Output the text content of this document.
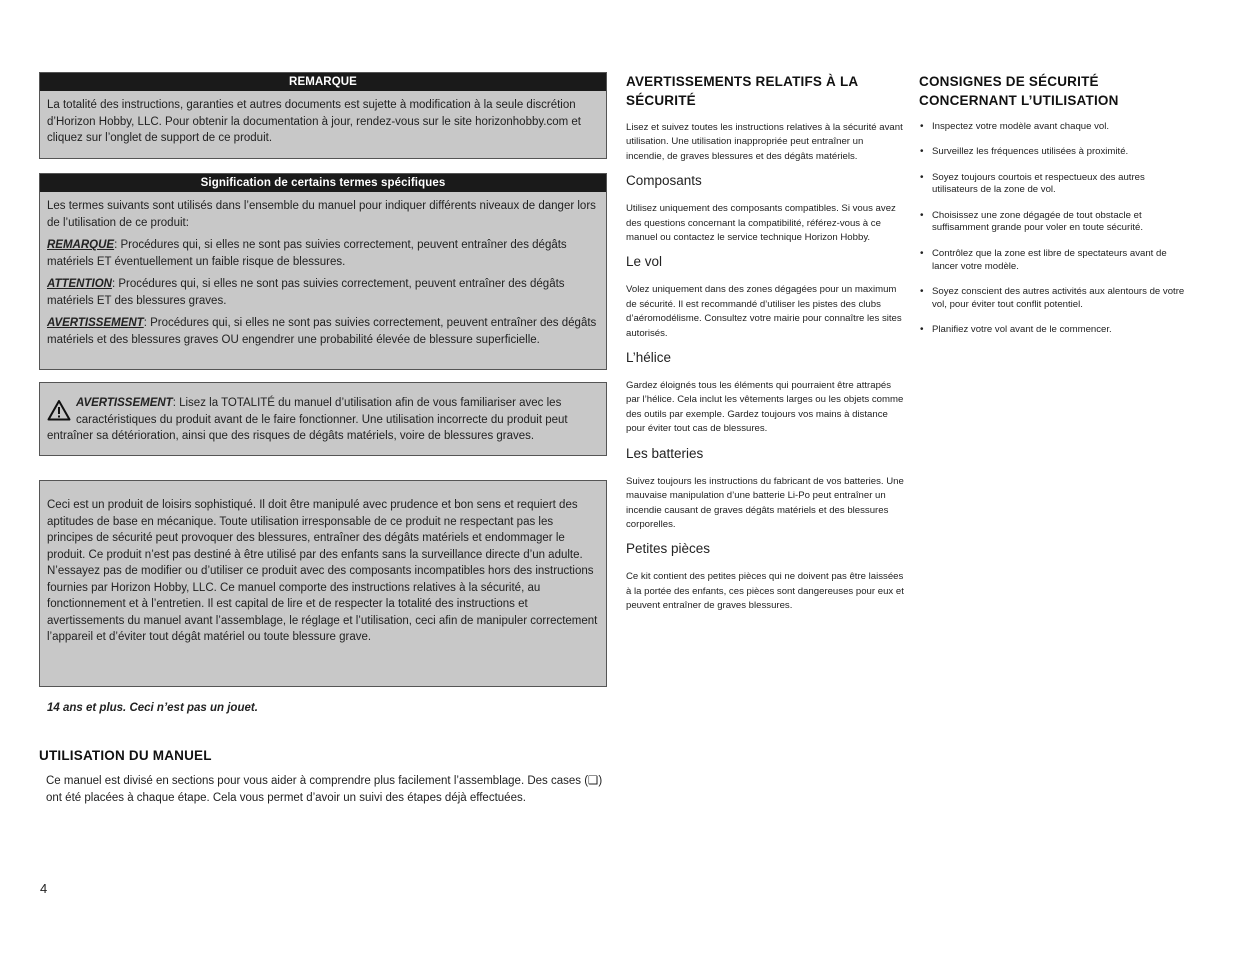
REMARQUE

La totalité des instructions, garanties et autres documents est sujette à modification à la seule discrétion d’Horizon Hobby, LLC. Pour obtenir la documentation à jour, rendez-vous sur le site horizonhobby.com et cliquez sur l’onglet de support de ce produit.

Signification de certains termes spécifiques

Les termes suivants sont utilisés dans l’ensemble du manuel pour indiquer différents niveaux de danger lors de l’utilisation de ce produit:

REMARQUE: Procédures qui, si elles ne sont pas suivies correctement, peuvent entraîner des dégâts matériels ET éventuellement un faible risque de blessures.

ATTENTION: Procédures qui, si elles ne sont pas suivies correctement, peuvent entraîner des dégâts matériels ET des blessures graves.

AVERTISSEMENT: Procédures qui, si elles ne sont pas suivies correctement, peuvent entraîner des dégâts matériels et des blessures graves OU engendrer une probabilité élevée de blessure superficielle.

AVERTISSEMENT: Lisez la TOTALITÉ du manuel d’utilisation afin de vous familiariser avec les caractéristiques du produit avant de le faire fonctionner. Une utilisation incorrecte du produit peut entraîner sa détérioration, ainsi que des risques de dégâts matériels, voire de blessures graves.

Ceci est un produit de loisirs sophistiqué. Il doit être manipulé avec prudence et bon sens et requiert des aptitudes de base en mécanique. Toute utilisation irresponsable de ce produit ne respectant pas les principes de sécurité peut provoquer des blessures, entraîner des dégâts matériels et endommager le produit. Ce produit n’est pas destiné à être utilisé par des enfants sans la surveillance directe d’un adulte. N’essayez pas de modifier ou d’utiliser ce produit avec des composants incompatibles hors des instructions fournies par Horizon Hobby, LLC. Ce manuel comporte des instructions relatives à la sécurité, au fonctionnement et à l’entretien. Il est capital de lire et de respecter la totalité des instructions et avertissements du manuel avant l’assemblage, le réglage et l’utilisation, ceci afin de manipuler correctement l’appareil et d’éviter tout dégât matériel ou toute blessure grave.

14 ans et plus. Ceci n’est pas un jouet.
UTILISATION DU MANUEL
Ce manuel est divisé en sections pour vous aider à comprendre plus facilement l’assemblage. Des cases (❑) ont été placées à chaque étape. Cela vous permet d’avoir un suivi des étapes déjà effectuées.
4
AVERTISSEMENTS RELATIFS À LA SÉCURITÉ

Lisez et suivez toutes les instructions relatives à la sécurité avant utilisation. Une utilisation inappropriée peut entraîner un incendie, de graves blessures et des dégâts matériels.

Composants

Utilisez uniquement des composants compatibles. Si vous avez des questions concernant la compatibilité, référez-vous à ce manuel ou contactez le service technique Horizon Hobby.

Le vol

Volez uniquement dans des zones dégagées pour un maximum de sécurité. Il est recommandé d’utiliser les pistes des clubs d’aéromodélisme. Consultez votre mairie pour connaître les sites autorisés.

L’hélice

Gardez éloignés tous les éléments qui pourraient être attrapés par l’hélice. Cela inclut les vêtements larges ou les objets comme des outils par exemple. Gardez toujours vos mains à distance pour éviter tout cas de blessures.

Les batteries

Suivez toujours les instructions du fabricant de vos batteries. Une mauvaise manipulation d’une batterie Li-Po peut entraîner un incendie causant de graves dégâts matériels et des blessures corporelles.

Petites pièces

Ce kit contient des petites pièces qui ne doivent pas être laissées à la portée des enfants, ces pièces sont dangereuses pour eux et peuvent entraîner de graves blessures.

CONSIGNES DE SÉCURITÉ CONCERNANT L’UTILISATION
• Inspectez votre modèle avant chaque vol.
• Surveillez les fréquences utilisées à proximité.
• Soyez toujours courtois et respectueux des autres utilisateurs de la zone de vol.
• Choisissez une zone dégagée de tout obstacle et suffisamment grande pour voler en toute sécurité.
• Contrôlez que la zone est libre de spectateurs avant de lancer votre modèle.
• Soyez conscient des autres activités aux alentours de votre vol, pour éviter tout conflit potentiel.
• Planifiez votre vol avant de le commencer.
